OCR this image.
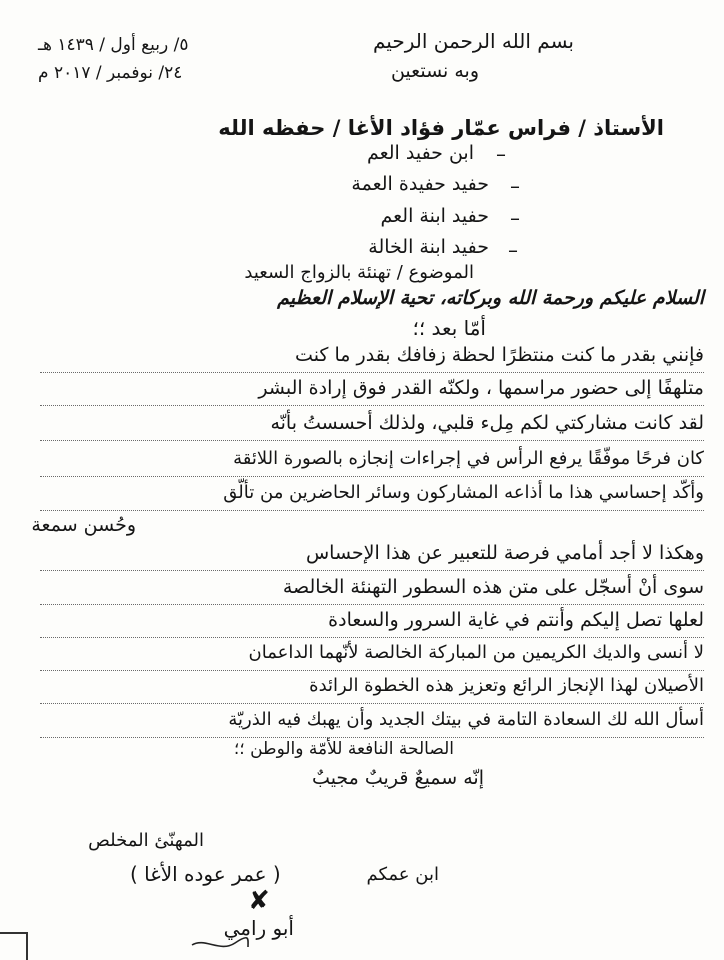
بسم الله الرحمن الرحيم
وبه نستعين
٥/ ربيع أول / ١٤٣٩ هـ
٢٤/ نوفمبر / ٢٠١٧ م
الأستاذ / فراس عمّار فؤاد الأغا / حفظه الله
–
ابن حفيد العم
–
حفيد حفيدة العمة
–
حفيد ابنة العم
–
حفيد ابنة الخالة
الموضوع / تهنئة بالزواج السعيد
السلام عليكم ورحمة الله وبركاته، تحية الإسلام العظيم
أمّا بعد ؛؛
فإنني بقدر ما كنت منتظرًا لحظة زفافك بقدر ما كنت
متلهفًا إلى حضور مراسمها ، ولكنّه القدر فوق إرادة البشر
لقد كانت مشاركتي لكم مِلء قلبي، ولذلك أحسستُ بأنّه
كان فرحًا موفّقًا يرفع الرأس في إجراءات إنجازه بالصورة اللائقة
وأكّد إحساسي هذا ما أذاعه المشاركون وسائر الحاضرين من تألّق
وحُسن سمعة
وهكذا لا أجد أمامي فرصة للتعبير عن هذا الإحساس
سوى أنْ أسجّل على متن هذه السطور التهنئة الخالصة
لعلها تصل إليكم وأنتم في غاية السرور والسعادة
لا أنسى والديك الكريمين من المباركة الخالصة لأنّهما الداعمان
الأصيلان لهذا الإنجاز الرائع وتعزيز هذه الخطوة الرائدة
أسأل الله لك السعادة التامة في بيتك الجديد وأن يهبك فيه الذريّة
الصالحة النافعة للأمّة والوطن ؛؛
إنّه سميعٌ قريبٌ مجيبٌ
المهنّئ المخلص
ابن عمكم
( عمر عوده الأغا )
✘
أبو رامي
